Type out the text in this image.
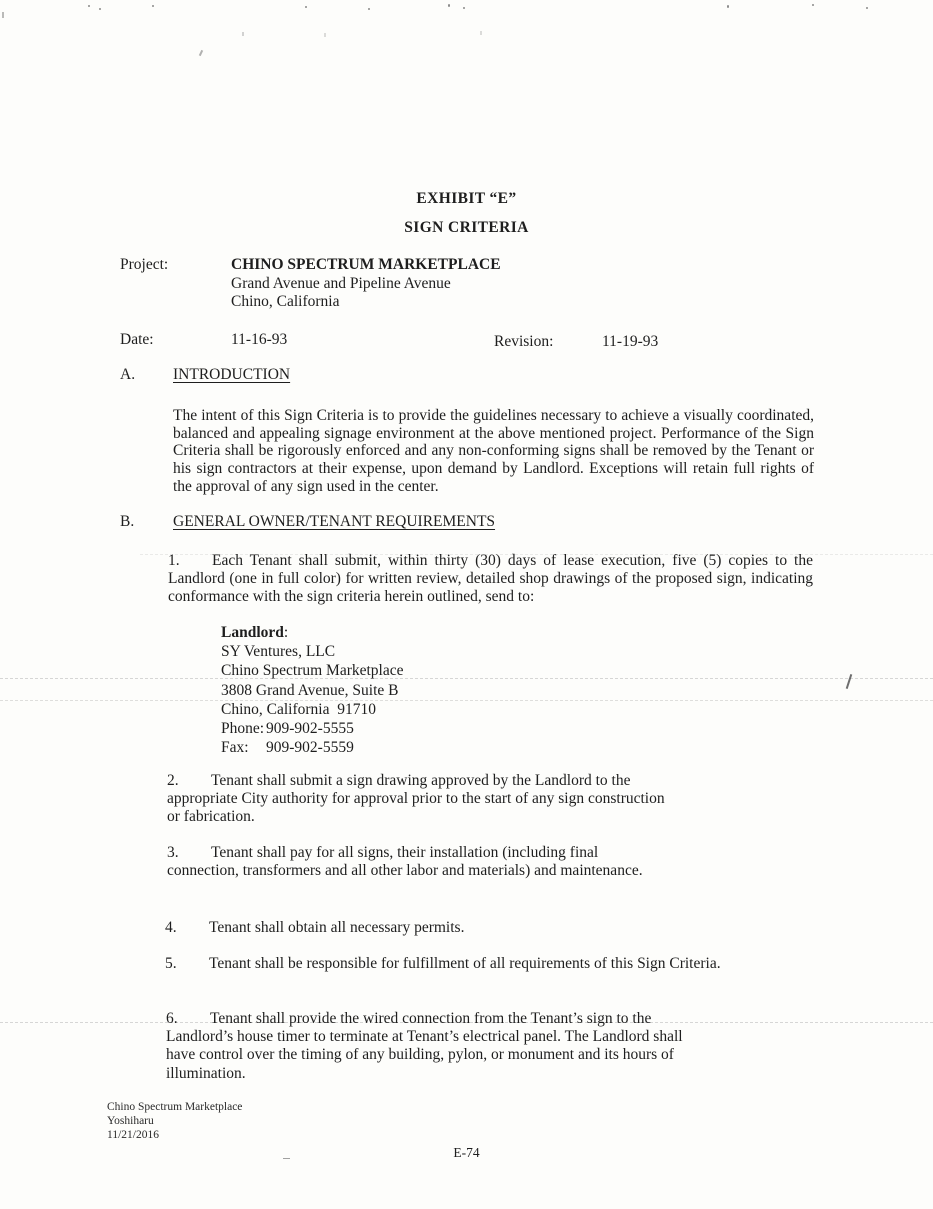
EXHIBIT “E”
SIGN CRITERIA
Project:	CHINO SPECTRUM MARKETPLACE

Grand Avenue and Pipeline Avenue

Chino, California

Date:	11-16-93	Revision:	11-19-93
A. INTRODUCTION

The intent of this Sign Criteria is to provide the guidelines necessary to achieve a visually coordinated, balanced and appealing signage environment at the above mentioned project. Performance of the Sign Criteria shall be rigorously enforced and any non-conforming signs shall be removed by the Tenant or his sign contractors at their expense, upon demand by Landlord. Exceptions will retain full rights of the approval of any sign used in the center.

B.	GENERAL OWNER/TENANT REQUIREMENTS

1. Each Tenant shall submit, within thirty (30) days of lease execution, five (5) copies to the Landlord (one in full color) for written review, detailed shop drawings of the proposed sign, indicating conformance with the sign criteria herein outlined, send to:

Landlord:

SY Ventures, LLC

Chino Spectrum Marketplace

3808 Grand Avenue, Suite B

Chino, California  91710

Phone: 909-902-5555

Fax: 909-902-5559

2. Tenant shall submit a sign drawing approved by the Landlord to the appropriate City authority for approval prior to the start of any sign construction or fabrication.

3. Tenant shall pay for all signs, their installation (including final connection, transformers and all other labor and materials) and maintenance.

4. Tenant shall obtain all necessary permits.

5. Tenant shall be responsible for fulfillment of all requirements of this Sign Criteria.

6. Tenant shall provide the wired connection from the Tenant’s sign to the Landlord’s house timer to terminate at Tenant’s electrical panel. The Landlord shall have control over the timing of any building, pylon, or monument and its hours of illumination.

Chino Spectrum Marketplace

Yoshiharu

11/21/2016

E-74
